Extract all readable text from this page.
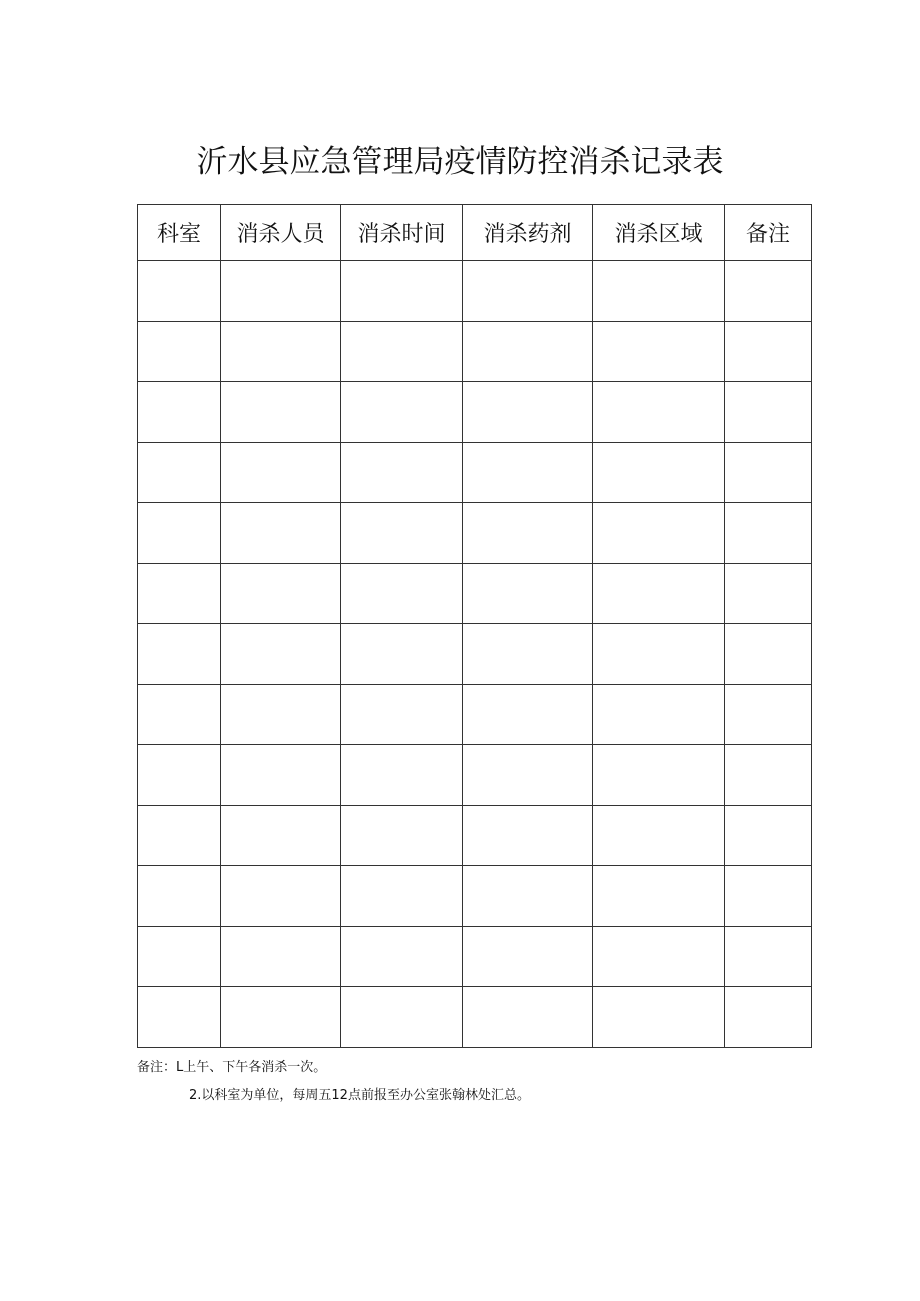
沂水县应急管理局疫情防控消杀记录表
科室	消杀人员	消杀时间	消杀药剂	消杀区域	备注

备注：L上午、下午各消杀一次。
2.以科室为单位，每周五12点前报至办公室张翰林处汇总。
